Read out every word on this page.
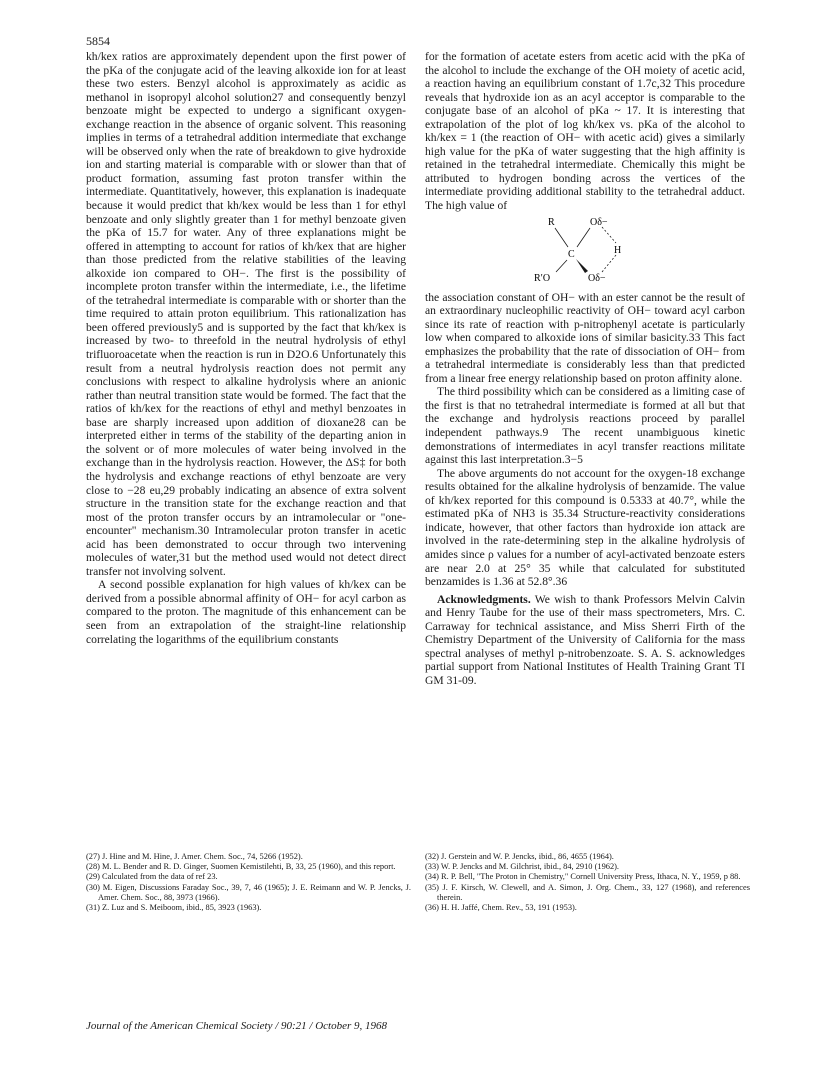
5854

kh/kex ratios are approximately dependent upon the first power of the pKa of the conjugate acid of the leaving alkoxide ion for at least these two esters. Benzyl alcohol is approximately as acidic as methanol in isopropyl alcohol solution27 and consequently benzyl benzoate might be expected to undergo a significant oxygen-exchange reaction in the absence of organic solvent. This reasoning implies in terms of a tetrahedral addition intermediate that exchange will be observed only when the rate of breakdown to give hydroxide ion and starting material is comparable with or slower than that of product formation, assuming fast proton transfer within the intermediate. Quantitatively, however, this explanation is inadequate because it would predict that kh/kex would be less than 1 for ethyl benzoate and only slightly greater than 1 for methyl benzoate given the pKa of 15.7 for water. Any of three explanations might be offered in attempting to account for ratios of kh/kex that are higher than those predicted from the relative stabilities of the leaving alkoxide ion compared to OH−. The first is the possibility of incomplete proton transfer within the intermediate, i.e., the lifetime of the tetrahedral intermediate is comparable with or shorter than the time required to attain proton equilibrium. This rationalization has been offered previously5 and is supported by the fact that kh/kex is increased by two- to threefold in the neutral hydrolysis of ethyl trifluoroacetate when the reaction is run in D2O.6 Unfortunately this result from a neutral hydrolysis reaction does not permit any conclusions with respect to alkaline hydrolysis where an anionic rather than neutral transition state would be formed. The fact that the ratios of kh/kex for the reactions of ethyl and methyl benzoates in base are sharply increased upon addition of dioxane28 can be interpreted either in terms of the stability of the departing anion in the solvent or of more molecules of water being involved in the exchange than in the hydrolysis reaction. However, the ΔS‡ for both the hydrolysis and exchange reactions of ethyl benzoate are very close to −28 eu,29 probably indicating an absence of extra solvent structure in the transition state for the exchange reaction and that most of the proton transfer occurs by an intramolecular or "one-encounter" mechanism.30 Intramolecular proton transfer in acetic acid has been demonstrated to occur through two intervening molecules of water,31 but the method used would not detect direct transfer not involving solvent.

A second possible explanation for high values of kh/kex can be derived from a possible abnormal affinity of OH− for acyl carbon as compared to the proton. The magnitude of this enhancement can be seen from an extrapolation of the straight-line relationship correlating the logarithms of the equilibrium constants

for the formation of acetate esters from acetic acid with the pKa of the alcohol to include the exchange of the OH moiety of acetic acid, a reaction having an equilibrium constant of 1.7c,32 This procedure reveals that hydroxide ion as an acyl acceptor is comparable to the conjugate base of an alcohol of pKa ~ 17. It is interesting that extrapolation of the plot of log kh/kex vs. pKa of the alcohol to kh/kex = 1 (the reaction of OH− with acetic acid) gives a similarly high value for the pKa of water suggesting that the high affinity is retained in the tetrahedral intermediate. Chemically this might be attributed to hydrogen bonding across the vertices of the intermediate providing additional stability to the tetrahedral adduct. The high value of

R	Oδ−
C	H
R′O	Oδ−

the association constant of OH− with an ester cannot be the result of an extraordinary nucleophilic reactivity of OH− toward acyl carbon since its rate of reaction with p-nitrophenyl acetate is particularly low when compared to alkoxide ions of similar basicity.33 This fact emphasizes the probability that the rate of dissociation of OH− from a tetrahedral intermediate is considerably less than that predicted from a linear free energy relationship based on proton affinity alone.

The third possibility which can be considered as a limiting case of the first is that no tetrahedral intermediate is formed at all but that the exchange and hydrolysis reactions proceed by parallel independent pathways.9 The recent unambiguous kinetic demonstrations of intermediates in acyl transfer reactions militate against this last interpretation.3−5

The above arguments do not account for the oxygen-18 exchange results obtained for the alkaline hydrolysis of benzamide. The value of kh/kex reported for this compound is 0.5333 at 40.7°, while the estimated pKa of NH3 is 35.34 Structure-reactivity considerations indicate, however, that other factors than hydroxide ion attack are involved in the rate-determining step in the alkaline hydrolysis of amides since ρ values for a number of acyl-activated benzoate esters are near 2.0 at 25° 35 while that calculated for substituted benzamides is 1.36 at 52.8°.36

Acknowledgments. We wish to thank Professors Melvin Calvin and Henry Taube for the use of their mass spectrometers, Mrs. C. Carraway for technical assistance, and Miss Sherri Firth of the Chemistry Department of the University of California for the mass spectral analyses of methyl p-nitrobenzoate. S. A. S. acknowledges partial support from National Institutes of Health Training Grant TI GM 31-09.

(27) J. Hine and M. Hine, J. Amer. Chem. Soc., 74, 5266 (1952).
(28) M. L. Bender and R. D. Ginger, Suomen Kemistilehti, B, 33, 25 (1960), and this report.
(29) Calculated from the data of ref 23.
(30) M. Eigen, Discussions Faraday Soc., 39, 7, 46 (1965); J. E. Reimann and W. P. Jencks, J. Amer. Chem. Soc., 88, 3973 (1966).
(31) Z. Luz and S. Meiboom, ibid., 85, 3923 (1963).
(32) J. Gerstein and W. P. Jencks, ibid., 86, 4655 (1964).
(33) W. P. Jencks and M. Gilchrist, ibid., 84, 2910 (1962).
(34) R. P. Bell, "The Proton in Chemistry," Cornell University Press, Ithaca, N. Y., 1959, p 88.
(35) J. F. Kirsch, W. Clewell, and A. Simon, J. Org. Chem., 33, 127 (1968), and references therein.
(36) H. H. Jaffé, Chem. Rev., 53, 191 (1953).
Journal of the American Chemical Society / 90:21 / October 9, 1968
